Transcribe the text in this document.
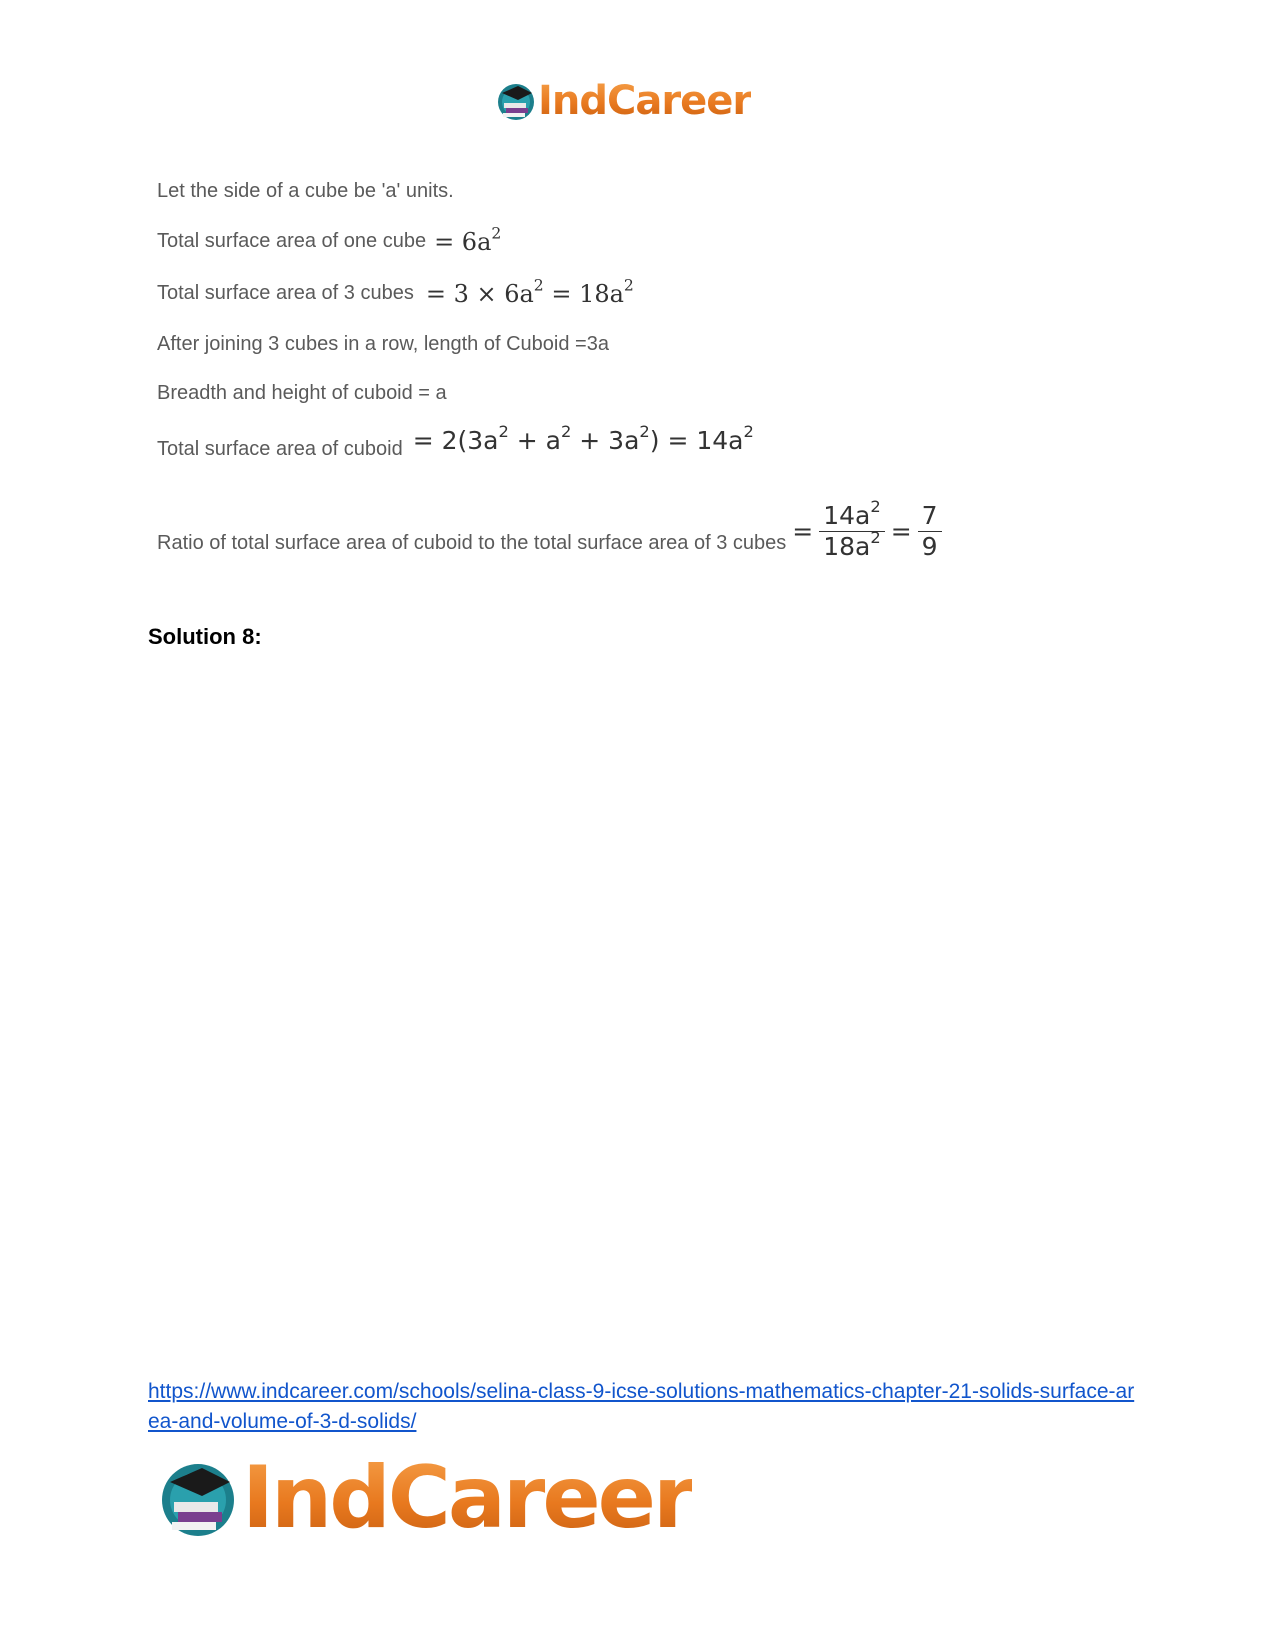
IndCareer
Let the side of a cube be 'a' units.
Total surface area of one cube = $6a^2$
Total surface area of 3 cubes = $3 \times 6a^2 = 18a^2$
After joining 3 cubes in a row, length of Cuboid =3a
Breadth and height of cuboid = a
Total surface area of cuboid = $2(3a^2 + a^2 + 3a^2) = 14a^2$
Ratio of total surface area of cuboid to the total surface area of 3 cubes = $\frac{14a^2}{18a^2} = \frac{7}{9}$
Solution 8:
https://www.indcareer.com/schools/selina-class-9-icse-solutions-mathematics-chapter-21-solids-surface-area-and-volume-of-3-d-solids/
IndCareer
